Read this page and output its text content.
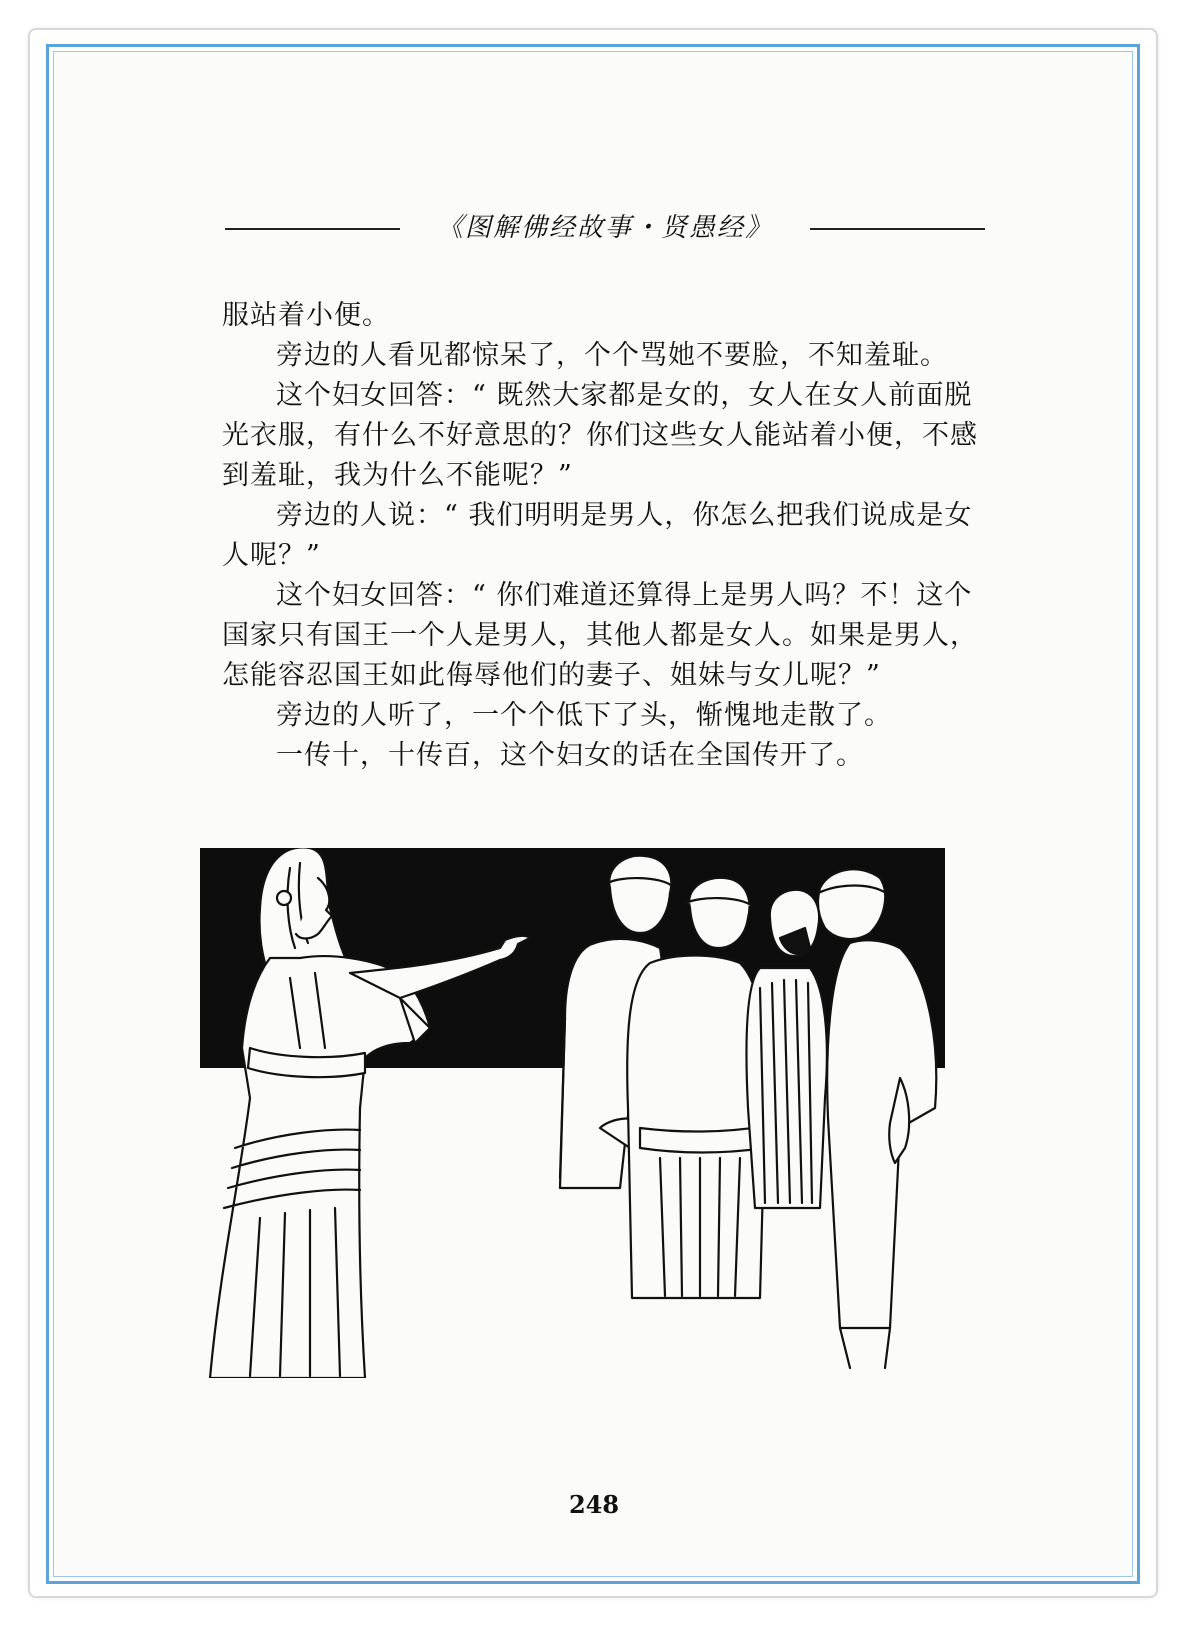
《图解佛经故事・贤愚经》

服站着小便。

旁边的人看见都惊呆了，个个骂她不要脸，不知羞耻。

这个妇女回答：“ 既然大家都是女的，女人在女人前面脱光衣服，有什么不好意思的？你们这些女人能站着小便，不感到羞耻，我为什么不能呢？”

旁边的人说：“ 我们明明是男人，你怎么把我们说成是女人呢？”

这个妇女回答：“ 你们难道还算得上是男人吗？不！这个国家只有国王一个人是男人，其他人都是女人。如果是男人，怎能容忍国王如此侮辱他们的妻子、姐妹与女儿呢？”

旁边的人听了，一个个低下了头，惭愧地走散了。

一传十，十传百，这个妇女的话在全国传开了。

248
